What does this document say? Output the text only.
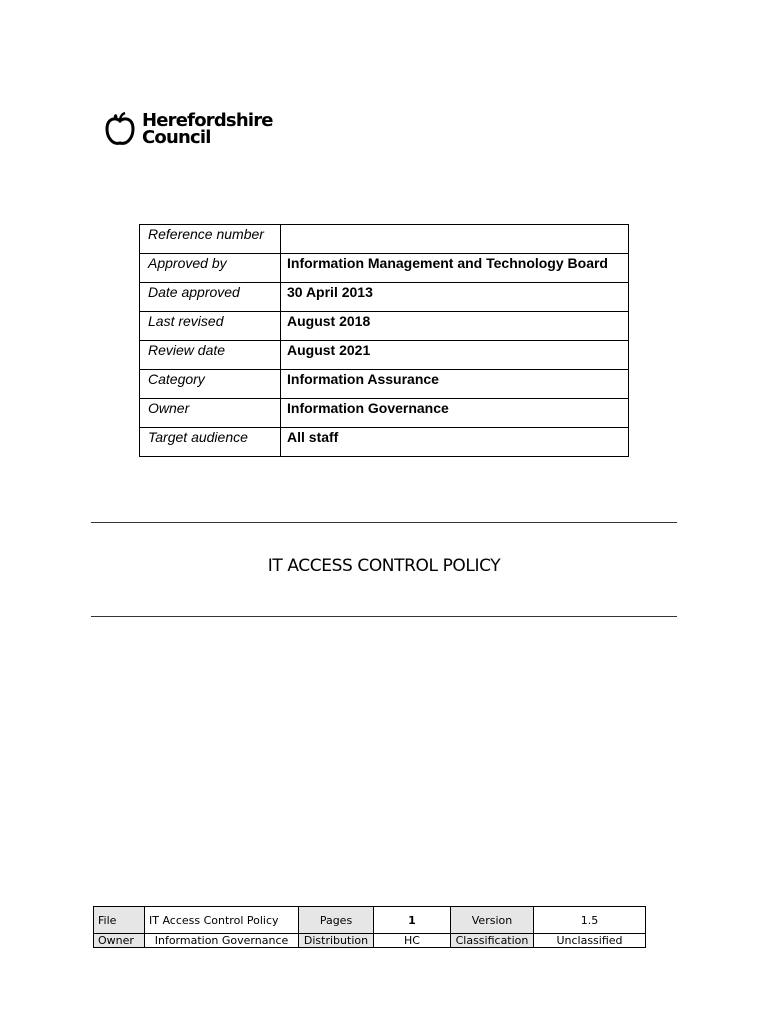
Herefordshire
Council
Reference number	
Approved by	Information Management and Technology Board
Date approved	30 April 2013
Last revised	August 2018
Review date	August 2021
Category	Information Assurance
Owner	Information Governance
Target audience	All staff
IT ACCESS CONTROL POLICY
File	IT Access Control Policy	Pages	1	Version	1.5
Owner	Information Governance	Distribution	HC	Classification	Unclassified
